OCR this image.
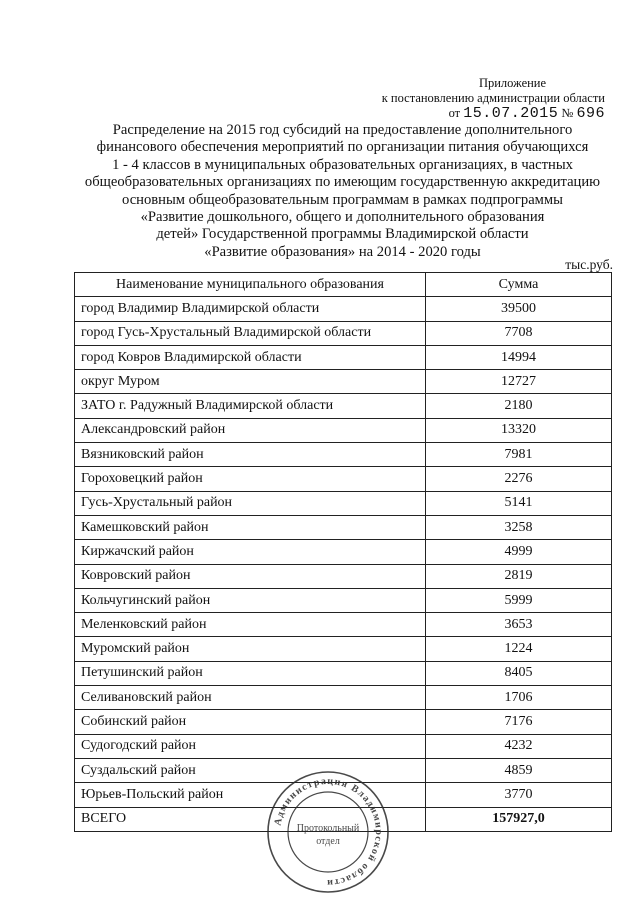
Приложение
к постановлению администрации области
от 15.07.2015 № 696
Распределение на 2015 год субсидий на предоставление дополнительного
финансового обеспечения мероприятий по организации питания обучающихся
1 - 4 классов в муниципальных образовательных организациях, в частных
общеобразовательных организациях по имеющим государственную аккредитацию
основным общеобразовательным программам в рамках подпрограммы
«Развитие дошкольного, общего и дополнительного образования
детей» Государственной программы Владимирской области
«Развитие образования» на 2014 - 2020 годы
тыс.руб.
Наименование муниципального образования	Сумма
город Владимир Владимирской области	39500
город Гусь-Хрустальный Владимирской области	7708
город Ковров Владимирской области	14994
округ Муром	12727
ЗАТО г. Радужный Владимирской области	2180
Александровский район	13320
Вязниковский район	7981
Гороховецкий район	2276
Гусь-Хрустальный район	5141
Камешковский район	3258
Киржачский район	4999
Ковровский район	2819
Кольчугинский район	5999
Меленковский район	3653
Муромский район	1224
Петушинский район	8405
Селивановский район	1706
Собинский район	7176
Судогодский район	4232
Суздальский район	4859
Юрьев-Польский район	3770
ВСЕГО	157927,0
Администрация Владимирской области
Протокольный
отдел
